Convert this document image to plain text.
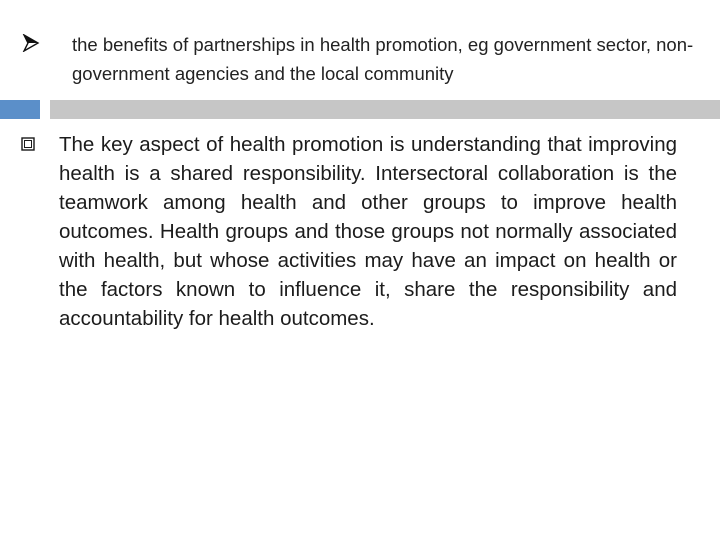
the benefits of partnerships in health promotion, eg government sector, non-government agencies and the local community

The key aspect of health promotion is understanding that improving health is a shared responsibility. Intersectoral collaboration is the teamwork among health and other groups to improve health outcomes. Health groups and those groups not normally associated with health, but whose activities may have an impact on health or the factors known to influence it, share the responsibility and accountability for health outcomes.
